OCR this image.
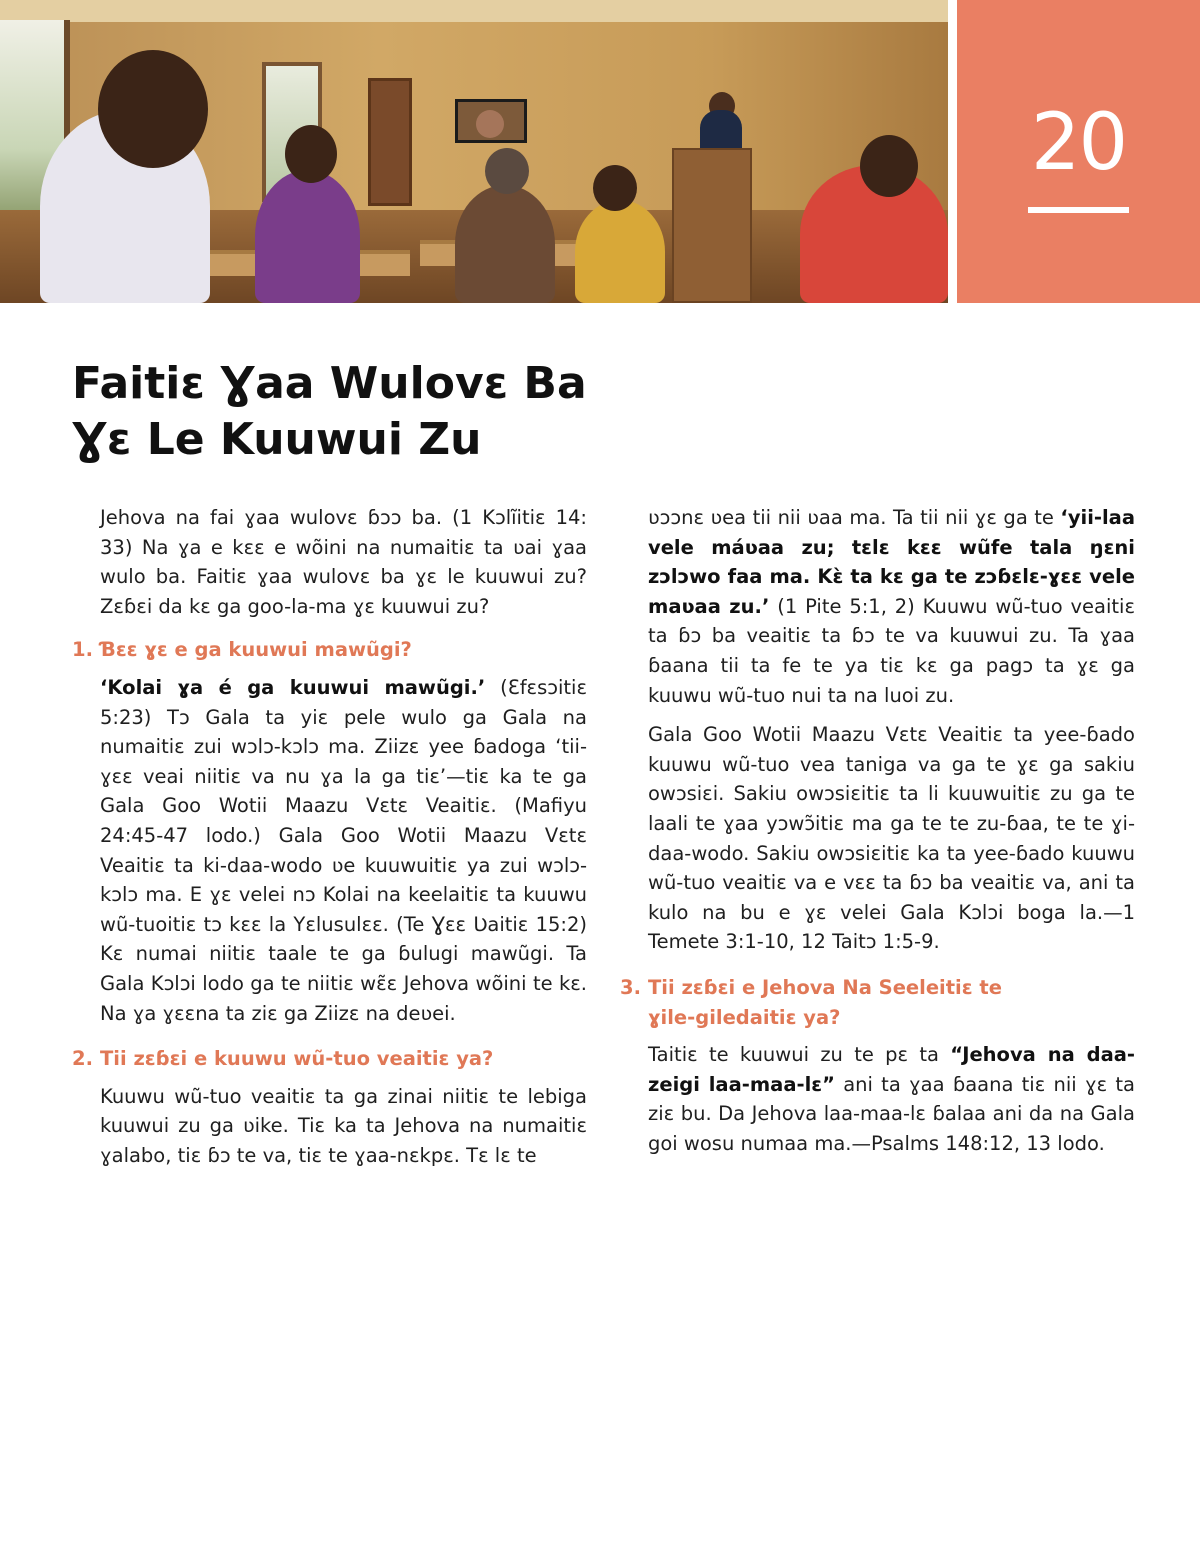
20
Faitiɛ Ɣaa Wulovɛ Ba
Ɣɛ Le Kuuwui Zu

Jehova na fai ɣaa wulovɛ ɓɔɔ ba. (1 Kɔlĩitiɛ 14: 33) Na ɣa e kɛɛ e wõini na numaitiɛ ta ʋai ɣaa wulo ba. Faitiɛ ɣaa wulovɛ ba ɣɛ le kuuwui zu? Zɛɓɛi da kɛ ga goo-la-ma ɣɛ kuuwui zu?

1. Ɓɛɛ ɣɛ e ga kuuwui mawũgi?

‘Kolai ɣa é ga kuuwui mawũgi.’ (Ɛfɛsɔitiɛ 5:23) Tɔ Gala ta yiɛ pele wulo ga Gala na numaitiɛ zui wɔlɔ-kɔlɔ ma. Ziizɛ yee ɓadoga ‘tii-ɣɛɛ veai niitiɛ va nu ɣa la ga tiɛ’—tiɛ ka te ga Gala Goo Wotii Maazu Vɛtɛ Veaitiɛ. (Mafiyu 24:45-47 lodo.) Gala Goo Wotii Maazu Vɛtɛ Veaitiɛ ta ki-daa-wodo ʋe kuuwuitiɛ ya zui wɔlɔ-kɔlɔ ma. E ɣɛ velei nɔ Kolai na keelaitiɛ ta kuuwu wũ-tuoitiɛ tɔ kɛɛ la Yɛlusulɛɛ. (Te Ɣɛɛ Ʋaitiɛ 15:2) Kɛ numai niitiɛ taale te ga ɓulugi mawũgi. Ta Gala Kɔlɔi lodo ga te niitiɛ wɛ̃ɛ Jehova wõini te kɛ. Na ɣa ɣɛɛna ta ziɛ ga Ziizɛ na deʋei.

2. Tii zɛɓɛi e kuuwu wũ-tuo veaitiɛ ya?

Kuuwu wũ-tuo veaitiɛ ta ga zinai niitiɛ te lebiga kuuwui zu ga ʋike. Tiɛ ka ta Jehova na numaitiɛ ɣalabo, tiɛ ɓɔ te va, tiɛ te ɣaa-nɛkpɛ. Tɛ lɛ te

ʋɔɔnɛ ʋea tii nii ʋaa ma. Ta tii nii ɣɛ ga te ‘yii-laa vele máʋaa zu; tɛlɛ kɛɛ wũfe tala ŋɛni zɔlɔwo faa ma. Kɛ̀ ta kɛ ga te zɔɓɛlɛ-ɣɛɛ vele maʋaa zu.’ (1 Pite 5:1, 2) Kuuwu wũ-tuo veaitiɛ ta ɓɔ ba veaitiɛ ta ɓɔ te va kuuwui zu. Ta ɣaa ɓaana tii ta fe te ya tiɛ kɛ ga pagɔ ta ɣɛ ga kuuwu wũ-tuo nui ta na luoi zu.

Gala Goo Wotii Maazu Vɛtɛ Veaitiɛ ta yee-ɓado kuuwu wũ-tuo vea taniga va ga te ɣɛ ga sakiu owɔsiɛi. Sakiu owɔsiɛitiɛ ta li kuuwuitiɛ zu ga te laali te ɣaa yɔwɔ̃itiɛ ma ga te te zu-ɓaa, te te ɣi-daa-wodo. Sakiu owɔsiɛitiɛ ka ta yee-ɓado kuuwu wũ-tuo veaitiɛ va e vɛɛ ta ɓɔ ba veaitiɛ va, ani ta kulo na bu e ɣɛ velei Gala Kɔlɔi boga la.—1 Temete 3:1-10, 12 Taitɔ 1:5-9.

3. Tii zɛɓɛi e Jehova Na Seeleitiɛ te
ɣile-giledaitiɛ ya?

Taitiɛ te kuuwui zu te pɛ ta “Jehova na daa-zeigi laa-maa-lɛ” ani ta ɣaa ɓaana tiɛ nii ɣɛ ta ziɛ bu. Da Jehova laa-maa-lɛ ɓalaa ani da na Gala goi wosu numaa ma.—Psalms 148:12, 13 lodo.
